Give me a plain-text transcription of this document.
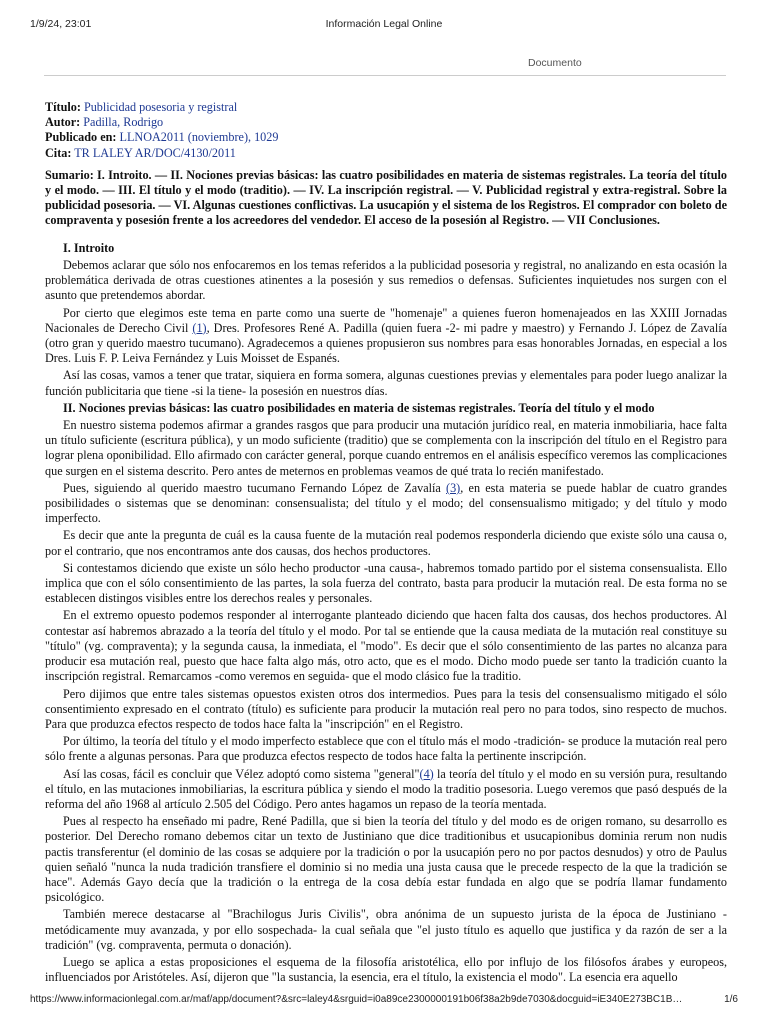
1/9/24, 23:01	Información Legal Online
Documento

Título: Publicidad posesoria y registral

Autor: Padilla, Rodrigo

Publicado en: LLNOA2011 (noviembre), 1029

Cita: TR LALEY AR/DOC/4130/2011

Sumario: I. Introito. — II. Nociones previas básicas: las cuatro posibilidades en materia de sistemas registrales. La teoría del título y el modo. — III. El título y el modo (traditio). — IV. La inscripción registral. — V. Publicidad registral y extra-registral. Sobre la publicidad posesoria. — VI. Algunas cuestiones conflictivas. La usucapión y el sistema de los Registros. El comprador con boleto de compraventa y posesión frente a los acreedores del vendedor. El acceso de la posesión al Registro. — VII Conclusiones.

I. Introito

Debemos aclarar que sólo nos enfocaremos en los temas referidos a la publicidad posesoria y registral, no analizando en esta ocasión la problemática derivada de otras cuestiones atinentes a la posesión y sus remedios o defensas. Suficientes inquietudes nos surgen con el asunto que pretendemos abordar.

Por cierto que elegimos este tema en parte como una suerte de "homenaje" a quienes fueron homenajeados en las XXIII Jornadas Nacionales de Derecho Civil (1), Dres. Profesores René A. Padilla (quien fuera -2- mi padre y maestro) y Fernando J. López de Zavalía (otro gran y querido maestro tucumano). Agradecemos a quienes propusieron sus nombres para esas honorables Jornadas, en especial a los Dres. Luis F. P. Leiva Fernández y Luis Moisset de Espanés.

Así las cosas, vamos a tener que tratar, siquiera en forma somera, algunas cuestiones previas y elementales para poder luego analizar la función publicitaria que tiene -si la tiene- la posesión en nuestros días.

II. Nociones previas básicas: las cuatro posibilidades en materia de sistemas registrales. Teoría del título y el modo

En nuestro sistema podemos afirmar a grandes rasgos que para producir una mutación jurídico real, en materia inmobiliaria, hace falta un título suficiente (escritura pública), y un modo suficiente (traditio) que se complementa con la inscripción del título en el Registro para lograr plena oponibilidad. Ello afirmado con carácter general, porque cuando entremos en el análisis específico veremos las complicaciones que surgen en el sistema descrito. Pero antes de meternos en problemas veamos de qué trata lo recién manifestado.

Pues, siguiendo al querido maestro tucumano Fernando López de Zavalía (3), en esta materia se puede hablar de cuatro grandes posibilidades o sistemas que se denominan: consensualista; del título y el modo; del consensualismo mitigado; y del título y modo imperfecto.

Es decir que ante la pregunta de cuál es la causa fuente de la mutación real podemos responderla diciendo que existe sólo una causa o, por el contrario, que nos encontramos ante dos causas, dos hechos productores.

Si contestamos diciendo que existe un sólo hecho productor -una causa-, habremos tomado partido por el sistema consensualista. Ello implica que con el sólo consentimiento de las partes, la sola fuerza del contrato, basta para producir la mutación real. De esta forma no se establecen distingos visibles entre los derechos reales y personales.

En el extremo opuesto podemos responder al interrogante planteado diciendo que hacen falta dos causas, dos hechos productores. Al contestar así habremos abrazado a la teoría del título y el modo. Por tal se entiende que la causa mediata de la mutación real constituye su "título" (vg. compraventa); y la segunda causa, la inmediata, el "modo". Es decir que el sólo consentimiento de las partes no alcanza para producir esa mutación real, puesto que hace falta algo más, otro acto, que es el modo. Dicho modo puede ser tanto la tradición cuanto la inscripción registral. Remarcamos -como veremos en seguida- que el modo clásico fue la traditio.

Pero dijimos que entre tales sistemas opuestos existen otros dos intermedios. Pues para la tesis del consensualismo mitigado el sólo consentimiento expresado en el contrato (título) es suficiente para producir la mutación real pero no para todos, sino respecto de muchos. Para que produzca efectos respecto de todos hace falta la "inscripción" en el Registro.

Por último, la teoría del título y el modo imperfecto establece que con el título más el modo -tradición- se produce la mutación real pero sólo frente a algunas personas. Para que produzca efectos respecto de todos hace falta la pertinente inscripción.

Así las cosas, fácil es concluir que Vélez adoptó como sistema "general"(4) la teoría del título y el modo en su versión pura, resultando el título, en las mutaciones inmobiliarias, la escritura pública y siendo el modo la traditio posesoria. Luego veremos que pasó después de la reforma del año 1968 al artículo 2.505 del Código. Pero antes hagamos un repaso de la teoría mentada.

Pues al respecto ha enseñado mi padre, René Padilla, que si bien la teoría del título y del modo es de origen romano, su desarrollo es posterior. Del Derecho romano debemos citar un texto de Justiniano que dice traditionibus et usucapionibus dominia rerum non nudis pactis transferentur (el dominio de las cosas se adquiere por la tradición o por la usucapión pero no por pactos desnudos) y otro de Paulus quien señaló "nunca la nuda tradición transfiere el dominio si no media una justa causa que le precede respecto de la que la tradición se hace". Además Gayo decía que la tradición o la entrega de la cosa debía estar fundada en algo que se podría llamar fundamento psicológico.

También merece destacarse al "Brachilogus Juris Civilis", obra anónima de un supuesto jurista de la época de Justiniano -metódicamente muy avanzada, y por ello sospechada- la cual señala que "el justo título es aquello que justifica y da razón de ser a la tradición" (vg. compraventa, permuta o donación).

Luego se aplica a estas proposiciones el esquema de la filosofía aristotélica, ello por influjo de los filósofos árabes y europeos, influenciados por Aristóteles. Así, dijeron que "la sustancia, la esencia, era el título, la existencia el modo". La esencia era aquello

https://www.informacionlegal.com.ar/maf/app/document?&src=laley4&srguid=i0a89ce2300000191b06f38a2b9de7030&docguid=iE340E273BC1B…	1/6
